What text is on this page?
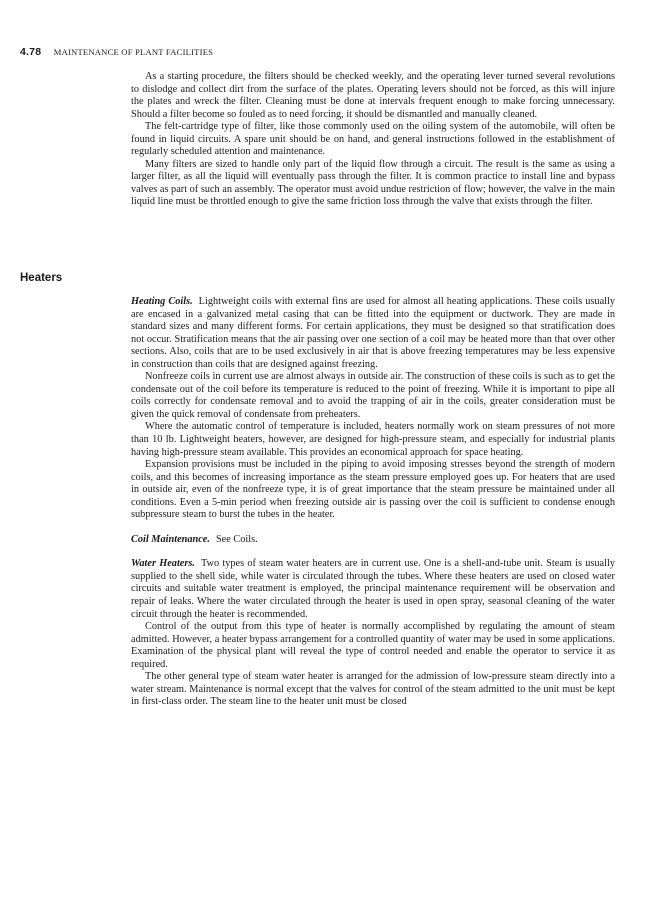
4.78 MAINTENANCE OF PLANT FACILITIES

As a starting procedure, the filters should be checked weekly, and the operating lever turned several revolutions to dislodge and collect dirt from the surface of the plates. Operating levers should not be forced, as this will injure the plates and wreck the filter. Cleaning must be done at intervals frequent enough to make forcing unnecessary. Should a filter become so fouled as to need forcing, it should be dismantled and manually cleaned.

The felt-cartridge type of filter, like those commonly used on the oiling system of the automobile, will often be found in liquid circuits. A spare unit should be on hand, and general instructions followed in the establishment of regularly scheduled attention and maintenance.

Many filters are sized to handle only part of the liquid flow through a circuit. The result is the same as using a larger filter, as all the liquid will eventually pass through the filter. It is common practice to install line and bypass valves as part of such an assembly. The operator must avoid undue restriction of flow; however, the valve in the main liquid line must be throttled enough to give the same friction loss through the valve that exists through the filter.

Heaters

Heating Coils. Lightweight coils with external fins are used for almost all heating applications. These coils usually are encased in a galvanized metal casing that can be fitted into the equipment or ductwork. They are made in standard sizes and many different forms. For certain applications, they must be designed so that stratification does not occur. Stratification means that the air passing over one section of a coil may be heated more than that over other sections. Also, coils that are to be used exclusively in air that is above freezing temperatures may be less expensive in construction than coils that are designed against freezing.

Nonfreeze coils in current use are almost always in outside air. The construction of these coils is such as to get the condensate out of the coil before its temperature is reduced to the point of freezing. While it is important to pipe all coils correctly for condensate removal and to avoid the trapping of air in the coils, greater consideration must be given the quick removal of condensate from preheaters.

Where the automatic control of temperature is included, heaters normally work on steam pressures of not more than 10 lb. Lightweight heaters, however, are designed for high-pressure steam, and especially for industrial plants having high-pressure steam available. This provides an economical approach for space heating.

Expansion provisions must be included in the piping to avoid imposing stresses beyond the strength of modern coils, and this becomes of increasing importance as the steam pressure employed goes up. For heaters that are used in outside air, even of the nonfreeze type, it is of great importance that the steam pressure be maintained under all conditions. Even a 5-min period when freezing outside air is passing over the coil is sufficient to condense enough subpressure steam to burst the tubes in the heater.

Coil Maintenance. See Coils.

Water Heaters. Two types of steam water heaters are in current use. One is a shell-and-tube unit. Steam is usually supplied to the shell side, while water is circulated through the tubes. Where these heaters are used on closed water circuits and suitable water treatment is employed, the principal maintenance requirement will be observation and repair of leaks. Where the water circulated through the heater is used in open spray, seasonal cleaning of the water circuit through the heater is recommended.

Control of the output from this type of heater is normally accomplished by regulating the amount of steam admitted. However, a heater bypass arrangement for a controlled quantity of water may be used in some applications. Examination of the physical plant will reveal the type of control needed and enable the operator to service it as required.

The other general type of steam water heater is arranged for the admission of low-pressure steam directly into a water stream. Maintenance is normal except that the valves for control of the steam admitted to the unit must be kept in first-class order. The steam line to the heater unit must be closed
